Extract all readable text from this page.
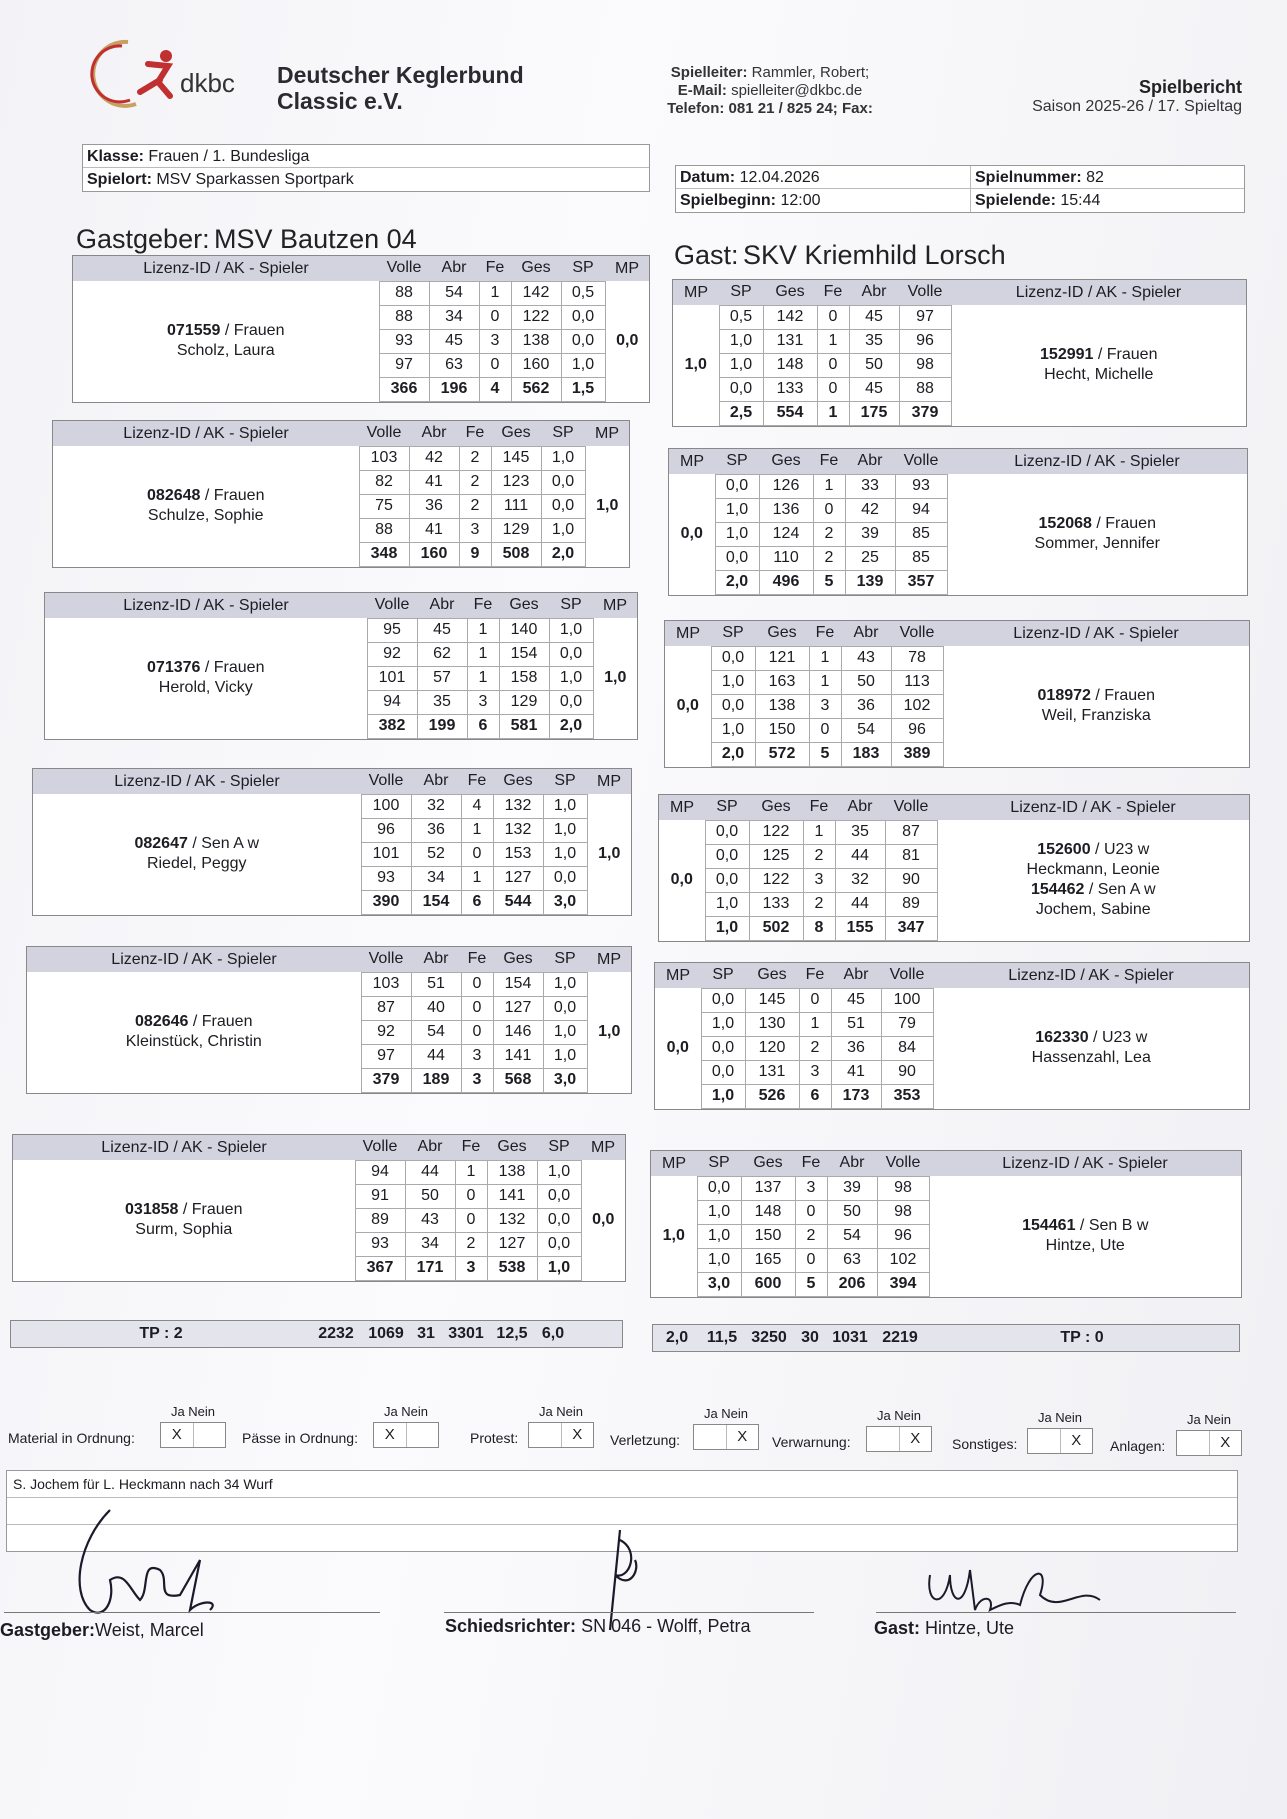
dkbc Deutscher Keglerbund
Classic e.V.
Spielleiter: Rammler, Robert;
E-Mail: spielleiter@dkbc.de
Telefon: 081 21 / 825 24; Fax:
Spielbericht
Saison 2025-26 / 17. Spieltag
Klasse: Frauen / 1. Bundesliga
Spielort: MSV Sparkassen Sportpark	Datum: 12.04.2026	Spielnummer: 82
Spielbeginn: 12:00	Spielende: 15:44
Gastgeber: MSV Bautzen 04
Gast: SKV Kriemhild Lorsch
Lizenz-ID / AK - Spieler	Volle	Abr	Fe	Ges	SP	MP
071559 / Frauen
Scholz, Laura	88	54	1	142	0,5	0,0
	88	34	0	122	0,0	
	93	45	3	138	0,0	
	97	63	0	160	1,0	
	366	196	4	562	1,5	
MP	SP	Ges	Fe	Abr	Volle	Lizenz-ID / AK - Spieler
1,0	0,5	142	0	45	97	152991 / Frauen
Hecht, Michelle
	1,0	131	1	35	96	
	1,0	148	0	50	98	
	0,0	133	0	45	88	
	2,5	554	1	175	379	
Lizenz-ID / AK - Spieler	Volle	Abr	Fe	Ges	SP	MP
082648 / Frauen
Schulze, Sophie	103	42	2	145	1,0	1,0
	82	41	2	123	0,0	
	75	36	2	111	0,0	
	88	41	3	129	1,0	
	348	160	9	508	2,0	
MP	SP	Ges	Fe	Abr	Volle	Lizenz-ID / AK - Spieler
0,0	0,0	126	1	33	93	152068 / Frauen
Sommer, Jennifer
	1,0	136	0	42	94	
	1,0	124	2	39	85	
	0,0	110	2	25	85	
	2,0	496	5	139	357	
Lizenz-ID / AK - Spieler	Volle	Abr	Fe	Ges	SP	MP
071376 / Frauen
Herold, Vicky	95	45	1	140	1,0	1,0
	92	62	1	154	0,0	
	101	57	1	158	1,0	
	94	35	3	129	0,0	
	382	199	6	581	2,0	
MP	SP	Ges	Fe	Abr	Volle	Lizenz-ID / AK - Spieler
0,0	0,0	121	1	43	78	018972 / Frauen
Weil, Franziska
	1,0	163	1	50	113	
	0,0	138	3	36	102	
	1,0	150	0	54	96	
	2,0	572	5	183	389	
Lizenz-ID / AK - Spieler	Volle	Abr	Fe	Ges	SP	MP
082647 / Sen A w
Riedel, Peggy	100	32	4	132	1,0	1,0
	96	36	1	132	1,0	
	101	52	0	153	1,0	
	93	34	1	127	0,0	
	390	154	6	544	3,0	
MP	SP	Ges	Fe	Abr	Volle	Lizenz-ID / AK - Spieler
0,0	0,0	122	1	35	87	152600 / U23 w
Heckmann, Leonie
154462 / Sen A w
Jochem, Sabine
	0,0	125	2	44	81	
	0,0	122	3	32	90	
	1,0	133	2	44	89	
	1,0	502	8	155	347	
Lizenz-ID / AK - Spieler	Volle	Abr	Fe	Ges	SP	MP
082646 / Frauen
Kleinstück, Christin	103	51	0	154	1,0	1,0
	87	40	0	127	0,0	
	92	54	0	146	1,0	
	97	44	3	141	1,0	
	379	189	3	568	3,0	
MP	SP	Ges	Fe	Abr	Volle	Lizenz-ID / AK - Spieler
0,0	0,0	145	0	45	100	162330 / U23 w
Hassenzahl, Lea
	1,0	130	1	51	79	
	0,0	120	2	36	84	
	0,0	131	3	41	90	
	1,0	526	6	173	353	
Lizenz-ID / AK - Spieler	Volle	Abr	Fe	Ges	SP	MP
031858 / Frauen
Surm, Sophia	94	44	1	138	1,0	0,0
	91	50	0	141	0,0	
	89	43	0	132	0,0	
	93	34	2	127	0,0	
	367	171	3	538	1,0	
MP	SP	Ges	Fe	Abr	Volle	Lizenz-ID / AK - Spieler
1,0	0,0	137	3	39	98	154461 / Sen B w
Hintze, Ute
	1,0	148	0	50	98	
	1,0	150	2	54	96	
	1,0	165	0	63	102	
	3,0	600	5	206	394	
TP : 2	2232 1069 31 3301 12,5 6,0	2,0	11,5 3250 30 1031 2219	TP : 0
Material in Ordnung:
Ja Nein
X	Pässe in Ordnung:
Ja Nein
X	Protest:
Ja Nein
X	Verletzung:
Ja Nein
X	Verwarnung:
Ja Nein
X	Sonstiges:
Ja Nein
X	Anlagen:
Ja Nein
X
S. Jochem für L. Heckmann nach 34 Wurf
Gastgeber:Weist, Marcel	Schiedsrichter: SN 046 - Wolff, Petra	Gast: Hintze, Ute
